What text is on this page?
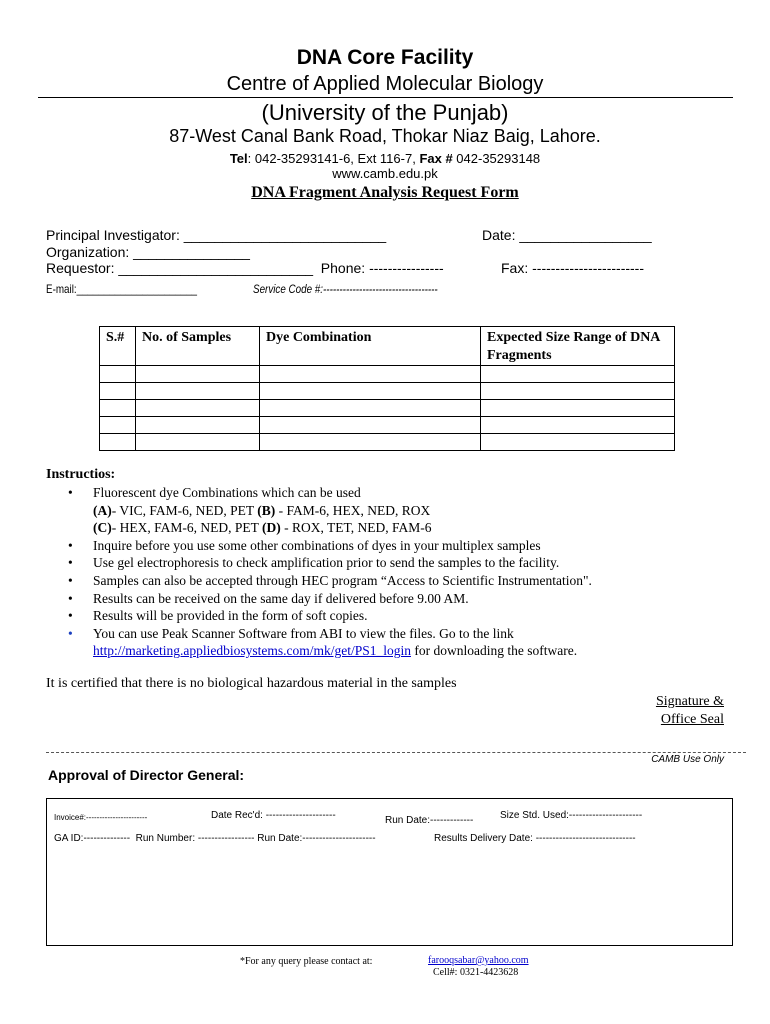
DNA Core Facility
Centre of Applied Molecular Biology
(University of the Punjab)
87-West Canal Bank Road, Thokar Niaz Baig, Lahore.
Tel: 042-35293141-6, Ext 116-7, Fax # 042-35293148
www.camb.edu.pk
DNA Fragment Analysis Request Form
Principal Investigator: __________________________	Date: _________________
Organization: _______________
Requestor: _________________________  Phone: ----------------	Fax: ------------------------
E-mail:______________________	Service Code #:-----------------------------------
S.#	No. of Samples	Dye Combination	Expected Size Range of DNA Fragments

Instructios:
• Fluorescent dye Combinations which can be used
(A)- VIC, FAM-6, NED, PET (B) - FAM-6, HEX, NED, ROX
(C)- HEX, FAM-6, NED, PET (D) - ROX, TET, NED, FAM-6
• Inquire before you use some other combinations of dyes in your multiplex samples
• Use gel electrophoresis to check amplification prior to send the samples to the facility.
• Samples can also be accepted through HEC program “Access to Scientific Instrumentation".
• Results can be received on the same day if delivered before 9.00 AM.
• Results will be provided in the form of soft copies.
• You can use Peak Scanner Software from ABI to view the files. Go to the link
http://marketing.appliedbiosystems.com/mk/get/PS1_login for downloading the software.
It is certified that there is no biological hazardous material in the samples
Signature &
Office Seal
CAMB Use Only
Approval of Director General:
Invoice#:-----------------------	Date Rec'd: ---------------------	Run Date:-------------	Size Std. Used:----------------------
GA ID:--------------  Run Number: ----------------- Run Date:----------------------	Results Delivery Date: ------------------------------
*For any query please contact at:	farooqsabar@yahoo.com
Cell#: 0321-4423628
